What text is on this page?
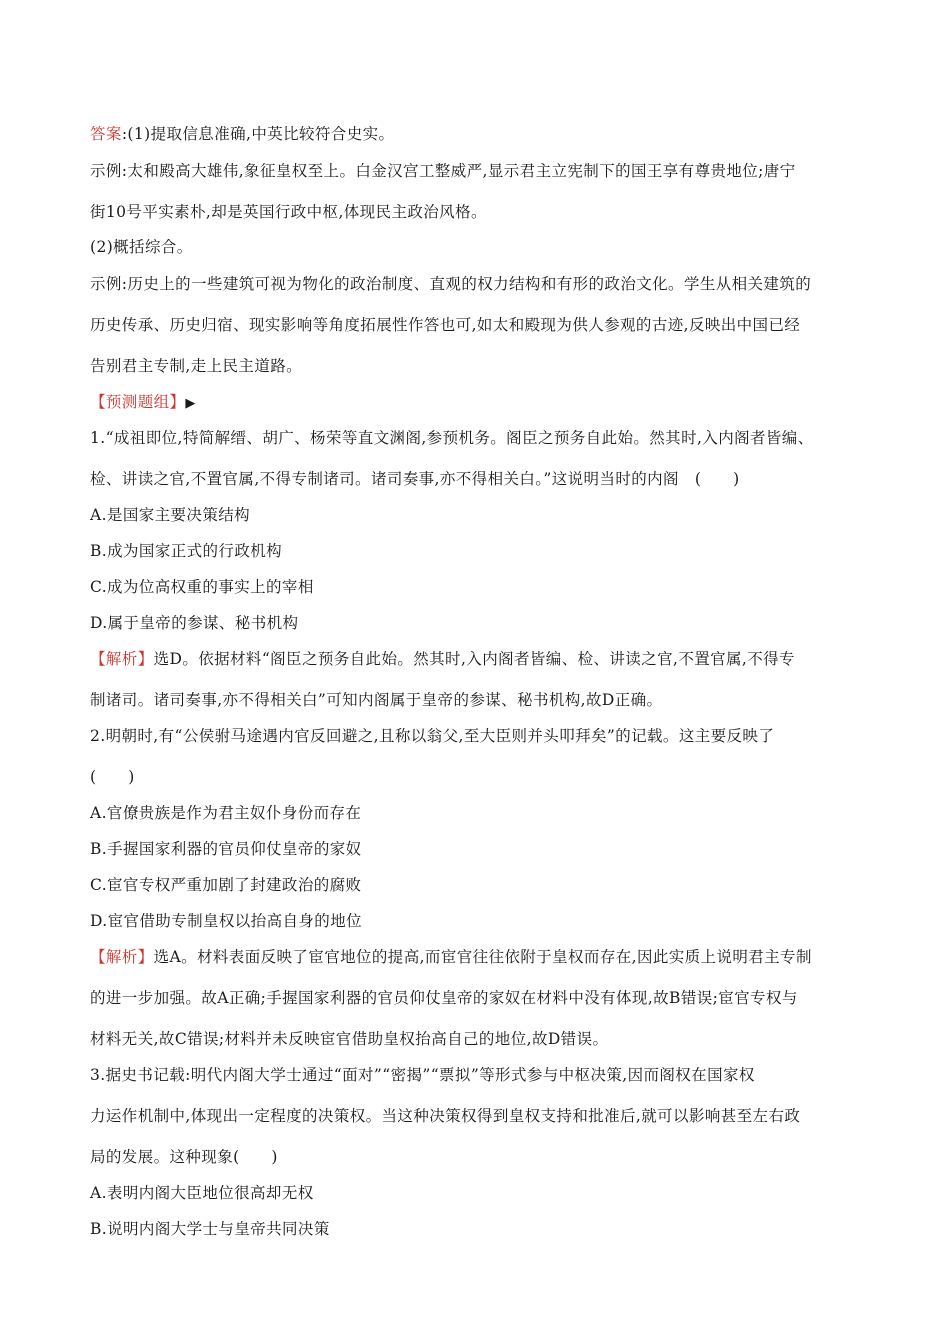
答案:(1)提取信息准确,中英比较符合史实。
示例:太和殿高大雄伟,象征皇权至上。白金汉宫工整威严,显示君主立宪制下的国王享有尊贵地位;唐宁
街10号平实素朴,却是英国行政中枢,体现民主政治风格。
(2)概括综合。
示例:历史上的一些建筑可视为物化的政治制度、直观的权力结构和有形的政治文化。学生从相关建筑的
历史传承、历史归宿、现实影响等角度拓展性作答也可,如太和殿现为供人参观的古迹,反映出中国已经
告别君主专制,走上民主道路。
【预测题组】▶
1.“成祖即位,特简解缙、胡广、杨荣等直文渊阁,参预机务。阁臣之预务自此始。然其时,入内阁者皆编、
检、讲读之官,不置官属,不得专制诸司。诸司奏事,亦不得相关白。”这说明当时的内阁　(　　)
A.是国家主要决策结构
B.成为国家正式的行政机构
C.成为位高权重的事实上的宰相
D.属于皇帝的参谋、秘书机构
【解析】选D。依据材料“阁臣之预务自此始。然其时,入内阁者皆编、检、讲读之官,不置官属,不得专
制诸司。诸司奏事,亦不得相关白”可知内阁属于皇帝的参谋、秘书机构,故D正确。
2.明朝时,有“公侯驸马途遇内官反回避之,且称以翁父,至大臣则并头叩拜矣”的记载。这主要反映了
(　　)
A.官僚贵族是作为君主奴仆身份而存在
B.手握国家利器的官员仰仗皇帝的家奴
C.宦官专权严重加剧了封建政治的腐败
D.宦官借助专制皇权以抬高自身的地位
【解析】选A。材料表面反映了宦官地位的提高,而宦官往往依附于皇权而存在,因此实质上说明君主专制
的进一步加强。故A正确;手握国家利器的官员仰仗皇帝的家奴在材料中没有体现,故B错误;宦官专权与
材料无关,故C错误;材料并未反映宦官借助皇权抬高自己的地位,故D错误。
3.据史书记载:明代内阁大学士通过“面对”“密揭”“票拟”等形式参与中枢决策,因而阁权在国家权
力运作机制中,体现出一定程度的决策权。当这种决策权得到皇权支持和批准后,就可以影响甚至左右政
局的发展。这种现象(　　)
A.表明内阁大臣地位很高却无权
B.说明内阁大学士与皇帝共同决策
